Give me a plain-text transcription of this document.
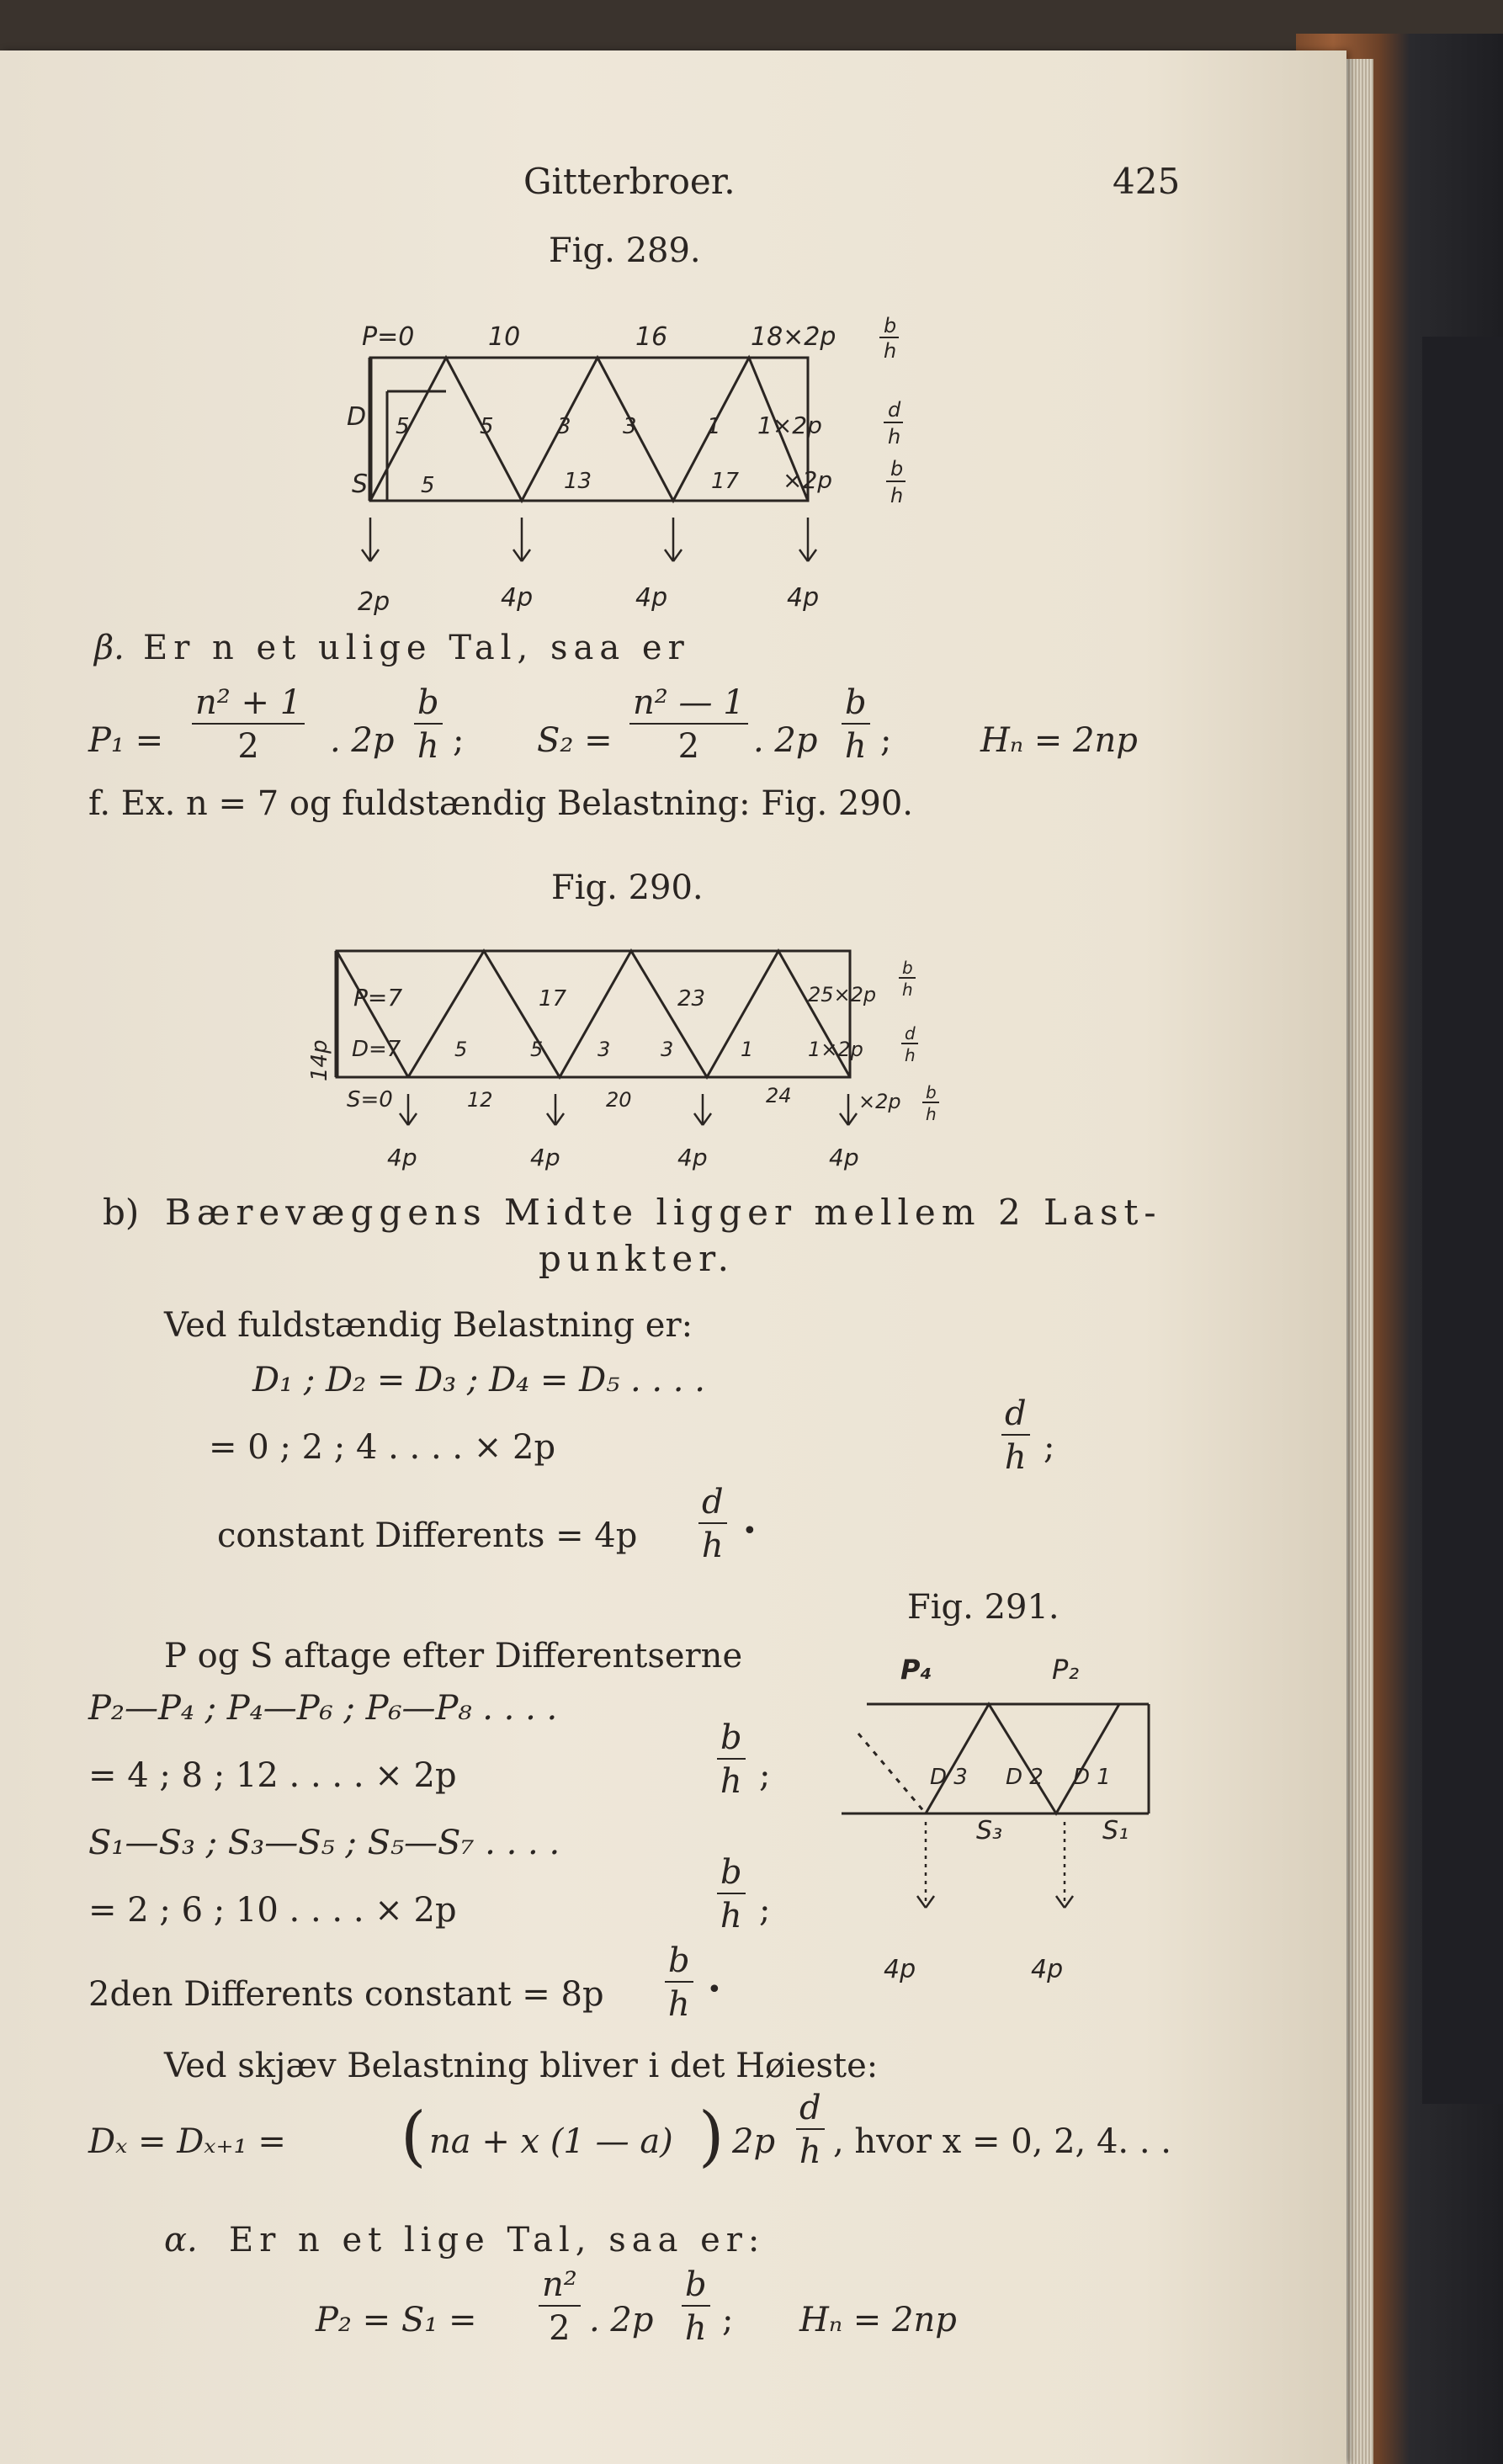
Gitterbroer.	425
Fig. 289.
P=0	10	16	18×2p b
h
D
S
5	5	3 3	1 1×2p
d
h
5	13	17 ×2p	b
h
2p	4p	4p	4p
β. Er n et ulige Tal, saa er
P₁ =
n² + 1
2 . 2p
b
h ; S₂ =
n² — 1
2 . 2p
b
h ;	Hₙ = 2np
f. Ex. n = 7 og fuldstændig Belastning: Fig. 290.
Fig. 290.
P=7	17	23	25×2p
b
h
14p D=7
S=0
5	5	3 3	1	1×2p
d
h
12	20	24	×2p b
h
4p	4p	4p	4p
b) Bærevæggens Midte ligger mellem 2 Last-
punkter.
Ved fuldstændig Belastning er:
D₁ ; D₂ = D₃ ; D₄ = D₅ . . . .
= 0 ; 2 ; 4 . . . . × 2p
d
h ;
constant Differents = 4p
d
h •
P og S aftage efter Differentserne
P₂—P₄ ; P₄—P₆ ; P₆—P₈ . . . .
= 4 ; 8 ; 12 . . . . × 2p
b
h ;
S₁—S₃ ; S₃—S₅ ; S₅—S₇ . . . .
= 2 ; 6 ; 10 . . . . × 2p
b
h ;
2den Differents constant = 8p
b
h •
Fig. 291.
P₄	P₂
D 3 D 2 D 1
S₃	S₁
4p	4p
Ved skjæv Belastning bliver i det Høieste:
Dₓ = Dₓ₊₁ = ( na + x (1 — a) ) 2p
d
h , hvor x = 0, 2, 4. . .
α. Er n et lige Tal, saa er:
P₂ = S₁ =
n²
2 . 2p
b
h ; Hₙ = 2np
